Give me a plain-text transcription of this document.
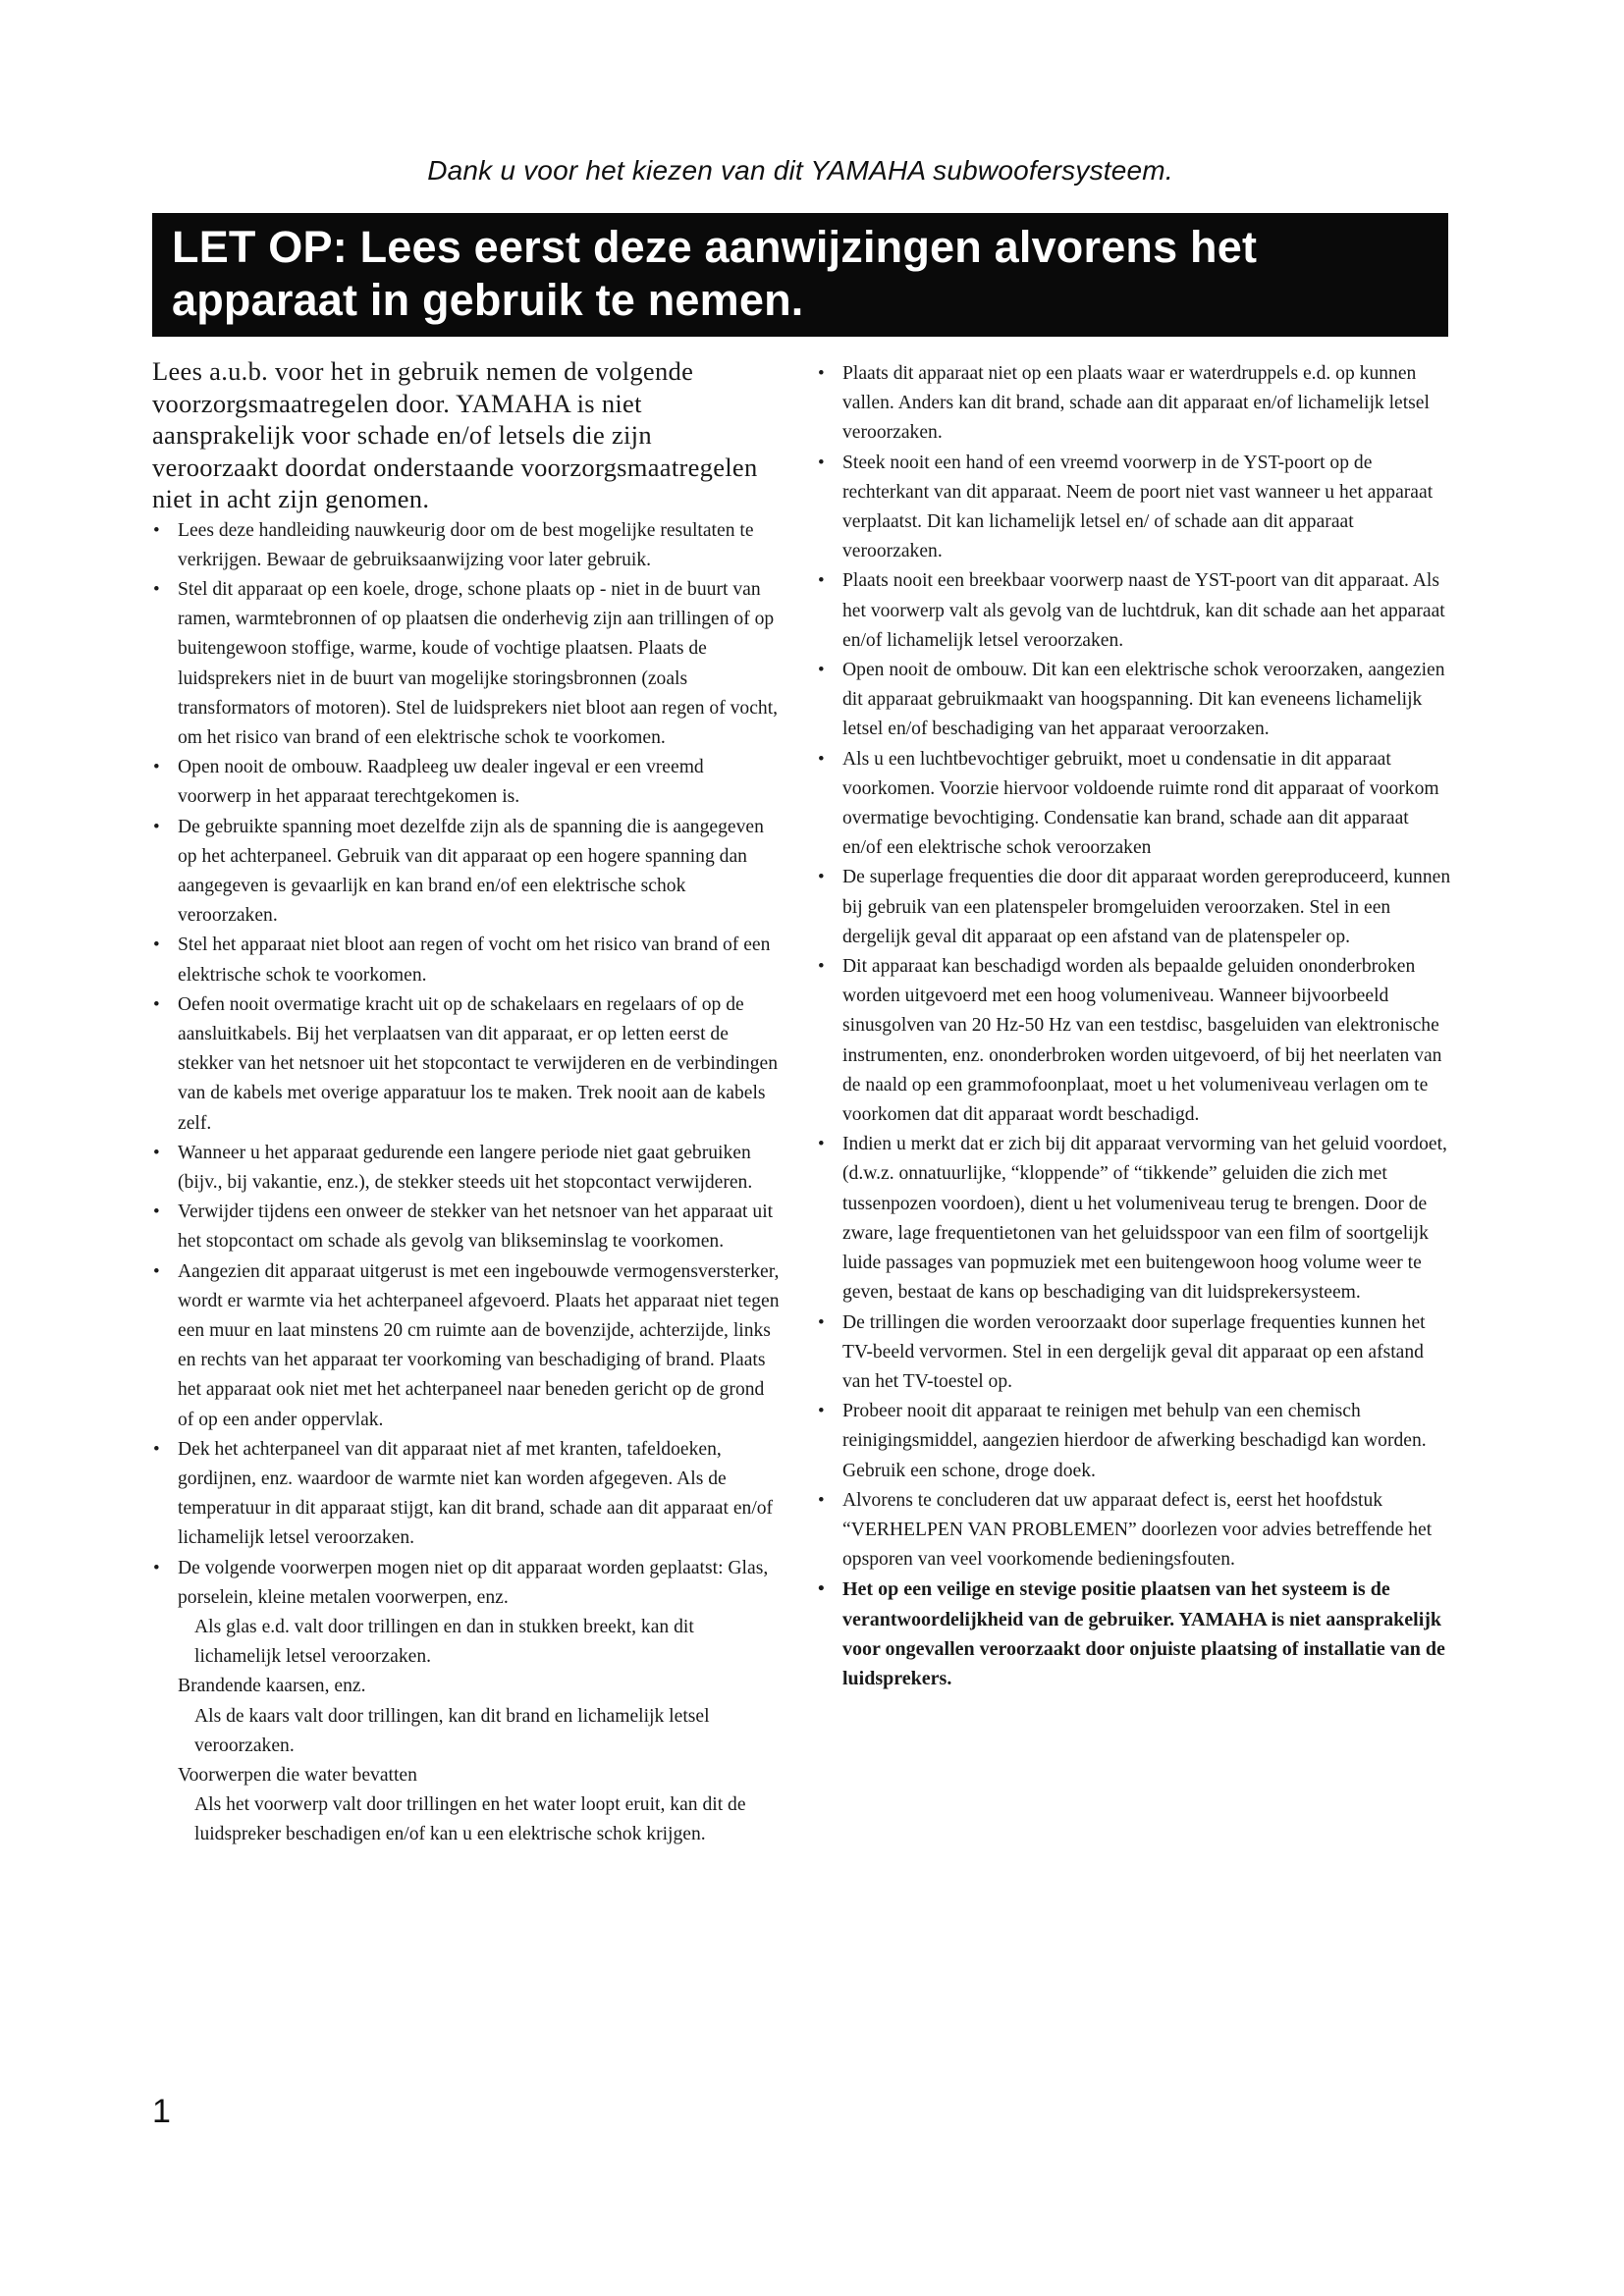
Dank u voor het kiezen van dit YAMAHA subwoofersysteem.
LET OP: Lees eerst deze aanwijzingen alvorens het
apparaat in gebruik te nemen.

Lees a.u.b. voor het in gebruik nemen de volgende voorzorgsmaatregelen door. YAMAHA is niet aansprakelijk voor schade en/of letsels die zijn veroorzaakt doordat onderstaande voorzorgsmaatregelen niet in acht zijn genomen.

• Lees deze handleiding nauwkeurig door om de best mogelijke resultaten te verkrijgen. Bewaar de gebruiksaanwijzing voor later gebruik.
• Stel dit apparaat op een koele, droge, schone plaats op - niet in de buurt van ramen, warmtebronnen of op plaatsen die onderhevig zijn aan trillingen of op buitengewoon stoffige, warme, koude of vochtige plaatsen. Plaats de luidsprekers niet in de buurt van mogelijke storingsbronnen (zoals transformators of motoren). Stel de luidsprekers niet bloot aan regen of vocht, om het risico van brand of een elektrische schok te voorkomen.
• Open nooit de ombouw. Raadpleeg uw dealer ingeval er een vreemd voorwerp in het apparaat terechtgekomen is.
• De gebruikte spanning moet dezelfde zijn als de spanning die is aangegeven op het achterpaneel. Gebruik van dit apparaat op een hogere spanning dan aangegeven is gevaarlijk en kan brand en/of een elektrische schok veroorzaken.
• Stel het apparaat niet bloot aan regen of vocht om het risico van brand of een elektrische schok te voorkomen.
• Oefen nooit overmatige kracht uit op de schakelaars en regelaars of op de aansluitkabels. Bij het verplaatsen van dit apparaat, er op letten eerst de stekker van het netsnoer uit het stopcontact te verwijderen en de verbindingen van de kabels met overige apparatuur los te maken. Trek nooit aan de kabels zelf.
• Wanneer u het apparaat gedurende een langere periode niet gaat gebruiken (bijv., bij vakantie, enz.), de stekker steeds uit het stopcontact verwijderen.
• Verwijder tijdens een onweer de stekker van het netsnoer van het apparaat uit het stopcontact om schade als gevolg van blikseminslag te voorkomen.
• Aangezien dit apparaat uitgerust is met een ingebouwde vermogensversterker, wordt er warmte via het achterpaneel afgevoerd. Plaats het apparaat niet tegen een muur en laat minstens 20 cm ruimte aan de bovenzijde, achterzijde, links en rechts van het apparaat ter voorkoming van beschadiging of brand. Plaats het apparaat ook niet met het achterpaneel naar beneden gericht op de grond of op een ander oppervlak.
• Dek het achterpaneel van dit apparaat niet af met kranten, tafeldoeken, gordijnen, enz. waardoor de warmte niet kan worden afgegeven. Als de temperatuur in dit apparaat stijgt, kan dit brand, schade aan dit apparaat en/of lichamelijk letsel veroorzaken.
• De volgende voorwerpen mogen niet op dit apparaat worden geplaatst: Glas, porselein, kleine metalen voorwerpen, enz.

Als glas e.d. valt door trillingen en dan in stukken breekt, kan dit lichamelijk letsel veroorzaken.

Brandende kaarsen, enz.

Als de kaars valt door trillingen, kan dit brand en lichamelijk letsel veroorzaken.

Voorwerpen die water bevatten

Als het voorwerp valt door trillingen en het water loopt eruit, kan dit de luidspreker beschadigen en/of kan u een elektrische schok krijgen.

• Plaats dit apparaat niet op een plaats waar er waterdruppels e.d. op kunnen vallen. Anders kan dit brand, schade aan dit apparaat en/of lichamelijk letsel veroorzaken.
• Steek nooit een hand of een vreemd voorwerp in de YST-poort op de rechterkant van dit apparaat. Neem de poort niet vast wanneer u het apparaat verplaatst. Dit kan lichamelijk letsel en/ of schade aan dit apparaat veroorzaken.
• Plaats nooit een breekbaar voorwerp naast de YST-poort van dit apparaat. Als het voorwerp valt als gevolg van de luchtdruk, kan dit schade aan het apparaat en/of lichamelijk letsel veroorzaken.
• Open nooit de ombouw. Dit kan een elektrische schok veroorzaken, aangezien dit apparaat gebruikmaakt van hoogspanning. Dit kan eveneens lichamelijk letsel en/of beschadiging van het apparaat veroorzaken.
• Als u een luchtbevochtiger gebruikt, moet u condensatie in dit apparaat voorkomen. Voorzie hiervoor voldoende ruimte rond dit apparaat of voorkom overmatige bevochtiging. Condensatie kan brand, schade aan dit apparaat en/of een elektrische schok veroorzaken
• De superlage frequenties die door dit apparaat worden gereproduceerd, kunnen bij gebruik van een platenspeler bromgeluiden veroorzaken. Stel in een dergelijk geval dit apparaat op een afstand van de platenspeler op.
• Dit apparaat kan beschadigd worden als bepaalde geluiden ononderbroken worden uitgevoerd met een hoog volumeniveau. Wanneer bijvoorbeeld sinusgolven van 20 Hz-50 Hz van een testdisc, basgeluiden van elektronische instrumenten, enz. ononderbroken worden uitgevoerd, of bij het neerlaten van de naald op een grammofoonplaat, moet u het volumeniveau verlagen om te voorkomen dat dit apparaat wordt beschadigd.
• Indien u merkt dat er zich bij dit apparaat vervorming van het geluid voordoet, (d.w.z. onnatuurlijke, “kloppende” of “tikkende” geluiden die zich met tussenpozen voordoen), dient u het volumeniveau terug te brengen. Door de zware, lage frequentietonen van het geluidsspoor van een film of soortgelijk luide passages van popmuziek met een buitengewoon hoog volume weer te geven, bestaat de kans op beschadiging van dit luidsprekersysteem.
• De trillingen die worden veroorzaakt door superlage frequenties kunnen het TV-beeld vervormen. Stel in een dergelijk geval dit apparaat op een afstand van het TV-toestel op.
• Probeer nooit dit apparaat te reinigen met behulp van een chemisch reinigingsmiddel, aangezien hierdoor de afwerking beschadigd kan worden. Gebruik een schone, droge doek.
• Alvorens te concluderen dat uw apparaat defect is, eerst het hoofdstuk “VERHELPEN VAN PROBLEMEN” doorlezen voor advies betreffende het opsporen van veel voorkomende bedieningsfouten.
• Het op een veilige en stevige positie plaatsen van het systeem is de verantwoordelijkheid van de gebruiker. YAMAHA is niet aansprakelijk voor ongevallen veroorzaakt door onjuiste plaatsing of installatie van de luidsprekers.
1
